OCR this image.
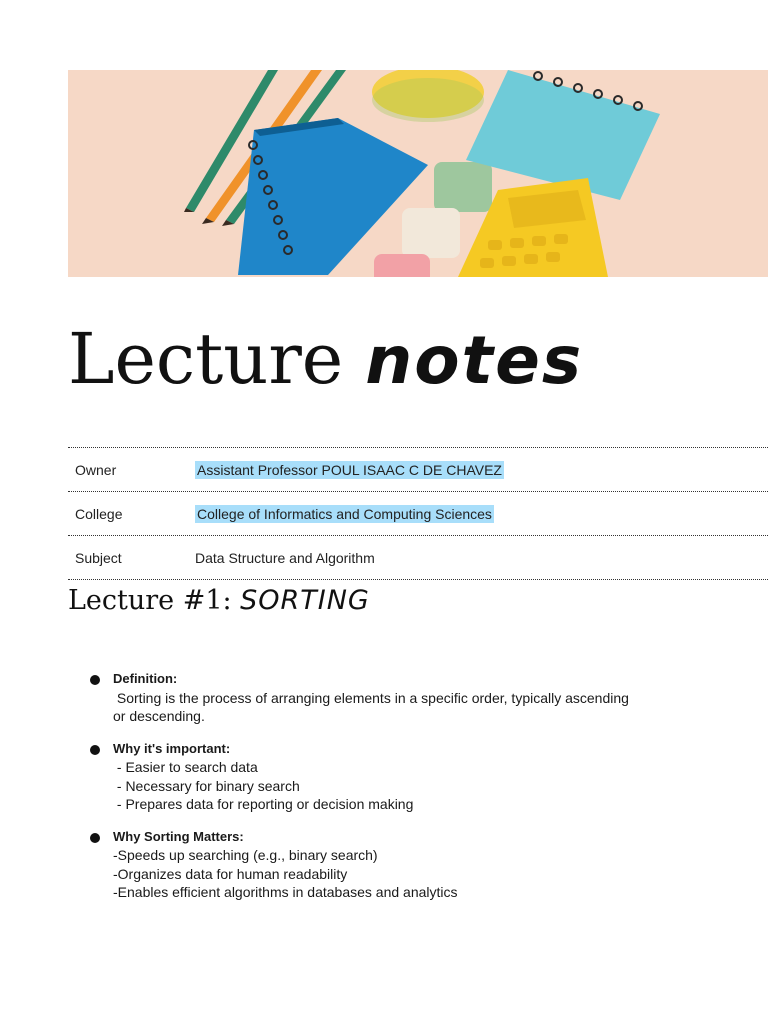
Lecture notes
Owner	Assistant Professor POUL ISAAC C DE CHAVEZ
College	College of Informatics and Computing Sciences
Subject	Data Structure and Algorithm
Lecture #1: SORTING
Definition:
Sorting is the process of arranging elements in a specific order, typically ascending
or descending.
Why it's important:
- Easier to search data
- Necessary for binary search
- Prepares data for reporting or decision making
Why Sorting Matters:
-Speeds up searching (e.g., binary search)
-Organizes data for human readability
-Enables efficient algorithms in databases and analytics
